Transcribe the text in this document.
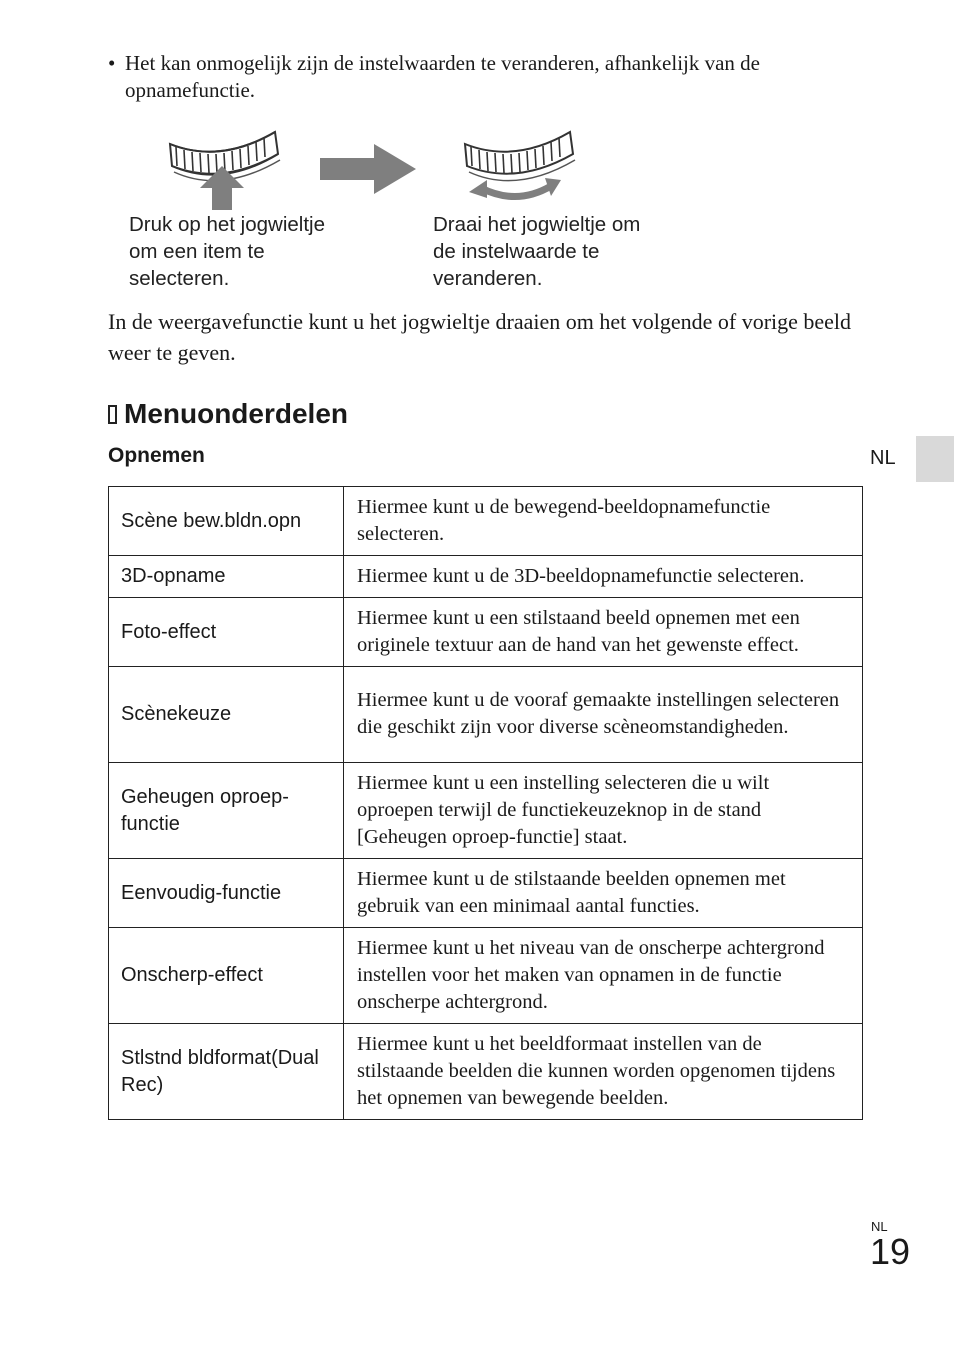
• Het kan onmogelijk zijn de instelwaarden te veranderen, afhankelijk van de opnamefunctie.
Druk op het jogwieltje om een item te selecteren.
Draai het jogwieltje om de instelwaarde te veranderen.
In de weergavefunctie kunt u het jogwieltje draaien om het volgende of vorige beeld weer te geven.
Menuonderdelen
Opnemen	NL
Scène bew.bldn.opn	Hiermee kunt u de bewegend-beeldopnamefunctie selecteren.
3D-opname	Hiermee kunt u de 3D-beeldopnamefunctie selecteren.
Foto-effect	Hiermee kunt u een stilstaand beeld opnemen met een originele textuur aan de hand van het gewenste effect.
Scènekeuze	Hiermee kunt u de vooraf gemaakte instellingen selecteren die geschikt zijn voor diverse scèneomstandigheden.
Geheugen oproep-functie	Hiermee kunt u een instelling selecteren die u wilt oproepen terwijl de functiekeuzeknop in de stand [Geheugen oproep-functie] staat.
Eenvoudig-functie	Hiermee kunt u de stilstaande beelden opnemen met gebruik van een minimaal aantal functies.
Onscherp-effect	Hiermee kunt u het niveau van de onscherpe achtergrond instellen voor het maken van opnamen in de functie onscherpe achtergrond.
Stlstnd bldformat(Dual Rec)	Hiermee kunt u het beeldformaat instellen van de stilstaande beelden die kunnen worden opgenomen tijdens het opnemen van bewegende beelden.
NL
19
